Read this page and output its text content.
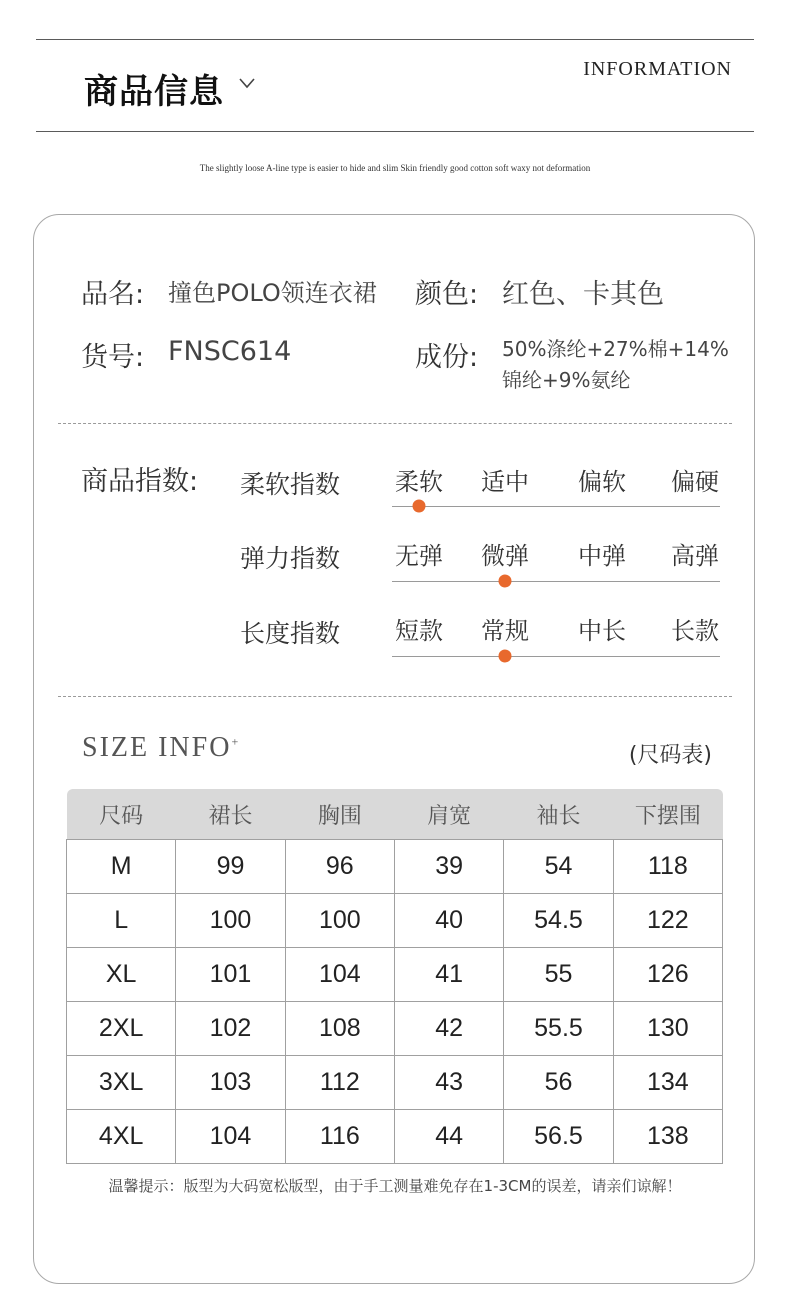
商品信息
INFORMATION
The slightly loose A-line type is easier to hide and slim Skin friendly good cotton soft waxy not deformation
品名: 撞色POLO领连衣裙 颜色: 红色、卡其色
货号: FNSC614	成份: 50%涤纶+27%棉+14%锦纶+9%氨纶
商品指数: 柔软指数 柔软 适中 偏软 偏硬
弹力指数 无弹 微弹 中弹 高弹
长度指数 短款 常规 中长 长款
SIZE INFO+
(尺码表)
尺码	裙长	胸围	肩宽	袖长	下摆围
M	99	96	39	54	118
L	100	100	40	54.5	122
XL	101	104	41	55	126
2XL	102	108	42	55.5	130
3XL	103	112	43	56	134
4XL	104	116	44	56.5	138
温馨提示：版型为大码宽松版型，由于手工测量难免存在1-3CM的误差，请亲们谅解！
